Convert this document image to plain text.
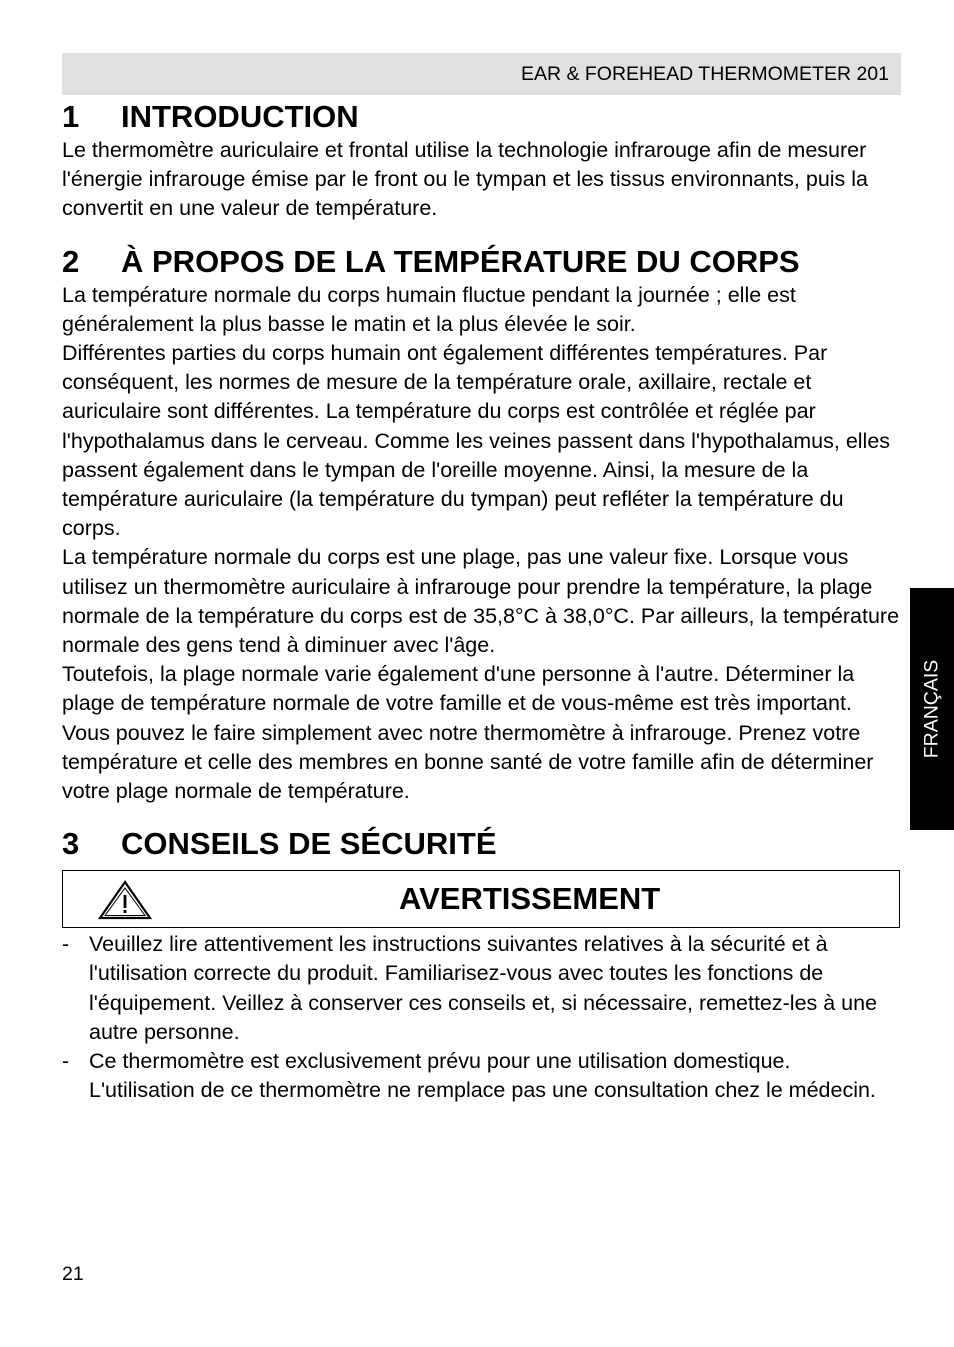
EAR & FOREHEAD THERMOMETER 201
FRANÇAIS
1	INTRODUCTION

Le thermomètre auriculaire et frontal utilise la technologie infrarouge afin de mesurer l'énergie infrarouge émise par le front ou le tympan et les tissus environnants, puis la convertit en une valeur de température.

2	À PROPOS DE LA TEMPÉRATURE DU CORPS

La température normale du corps humain fluctue pendant la journée ; elle est généralement la plus basse le matin et la plus élevée le soir.

Différentes parties du corps humain ont également différentes températures. Par conséquent, les normes de mesure de la température orale, axillaire, rectale et auriculaire sont différentes. La température du corps est contrôlée et réglée par l'hypothalamus dans le cerveau. Comme les veines passent dans l'hypothalamus, elles passent également dans le tympan de l'oreille moyenne. Ainsi, la mesure de la température auriculaire (la température du tympan) peut refléter la température du corps.

La température normale du corps est une plage, pas une valeur fixe. Lorsque vous utilisez un thermomètre auriculaire à infrarouge pour prendre la température, la plage normale de la température du corps est de 35,8°C à 38,0°C. Par ailleurs, la température normale des gens tend à diminuer avec l'âge.

Toutefois, la plage normale varie également d'une personne à l'autre. Déterminer la plage de température normale de votre famille et de vous-même est très important. Vous pouvez le faire simplement avec notre thermomètre à infrarouge. Prenez votre température et celle des membres en bonne santé de votre famille afin de déterminer votre plage normale de température.

3	CONSEILS DE SÉCURITÉ
AVERTISSEMENT
- Veuillez lire attentivement les instructions suivantes relatives à la sécurité et à l'utilisation correcte du produit. Familiarisez-vous avec toutes les fonctions de l'équipement. Veillez à conserver ces conseils et, si nécessaire, remettez-les à une autre personne.
- Ce thermomètre est exclusivement prévu pour une utilisation domestique. L'utilisation de ce thermomètre ne remplace pas une consultation chez le médecin.
21
